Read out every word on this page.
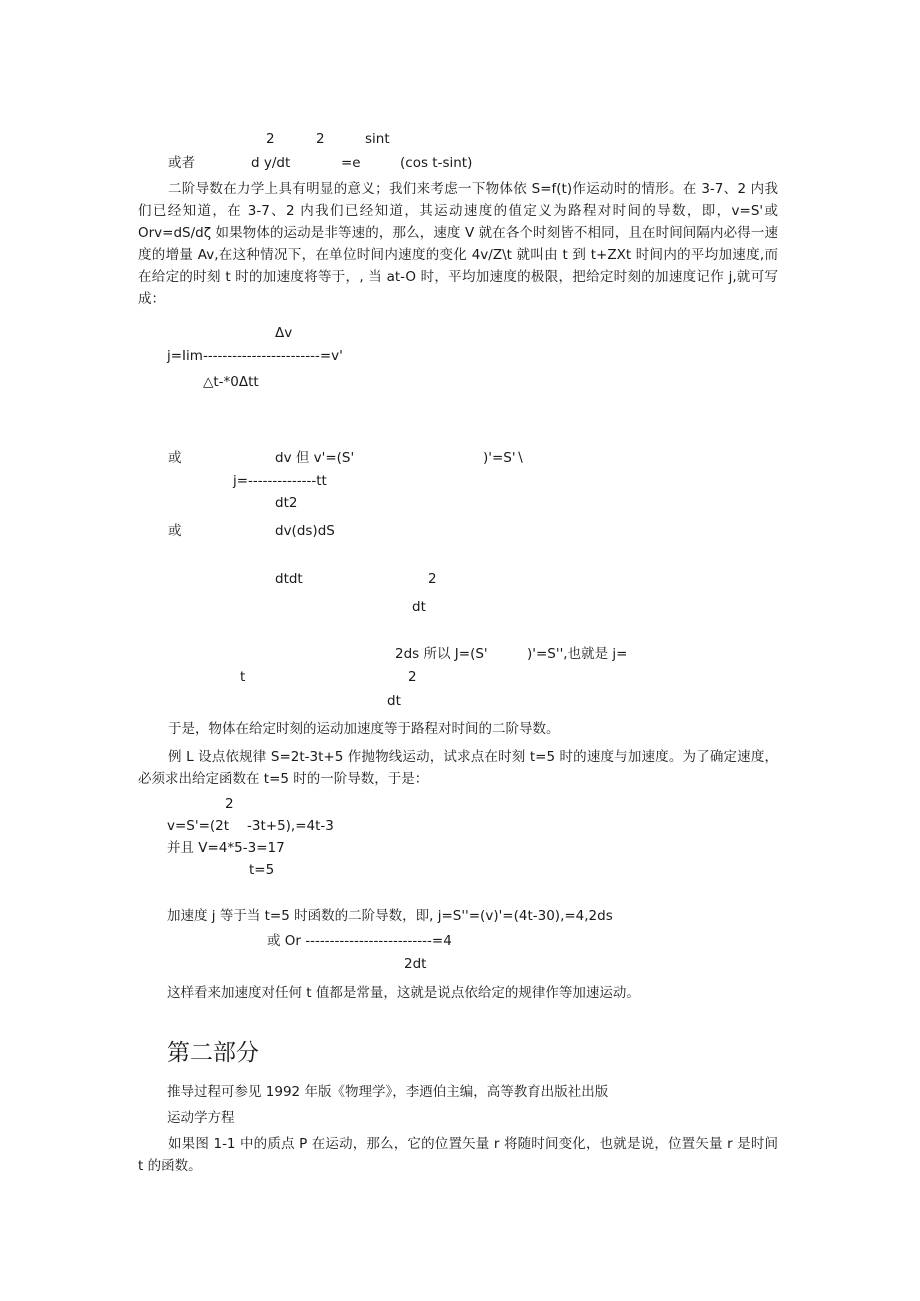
2	2	sint
或者	d y/dt	=e	(cos t-sint)
二阶导数在力学上具有明显的意义；我们来考虑一下物体依 S=f(t)作运动时的情形。在 3-7、2 内我们已经知道，在 3-7、2 内我们已经知道，其运动速度的值定义为路程对时间的导数，即，v=S'或 Orv=dS∕dζ 如果物体的运动是非等速的，那么，速度 V 就在各个时刻皆不相同，且在时间间隔内必得一速度的增量 Av,在这种情况下，在单位时间内速度的变化 4v∕Z\t 就叫由 t 到 t+ZXt 时间内的平均加速度,而在给定的时刻 t 时的加速度将等于，, 当 at-O 时，平均加速度的极限，把给定时刻的加速度记作 j,就可写成：
Δv
j=Iim------------------------=v'
△t-*0Δtt
或	dv 但 v'=(S'	)'=S'∖
j=--------------tt
dt2
或	dv(ds)dS
dtdt	2
dt
2ds 所以 J=(S'	)'=S'',也就是 j=
t	2
dt
于是，物体在给定时刻的运动加速度等于路程对时间的二阶导数。
例 L 设点依规律 S=2t-3t+5 作抛物线运动，试求点在时刻 t=5 时的速度与加速度。为了确定速度，必须求出给定函数在 t=5 时的一阶导数，于是：
2
v=S'=(2t -3t+5),=4t-3
并且 V=4*5-3=17
t=5
加速度 j 等于当 t=5 时函数的二阶导数，即, j=S''=(v)'=(4t-30),=4,2ds
或 Or --------------------------=4
2dt
这样看来加速度对任何 t 值都是常量，这就是说点依给定的规律作等加速运动。
第二部分
推导过程可参见 1992 年版《物理学》，李迺伯主编，高等教育出版社出版
运动学方程
如果图 1-1 中的质点 P 在运动，那么，它的位置矢量 r 将随时间变化，也就是说，位置矢量 r 是时间 t 的函数。
